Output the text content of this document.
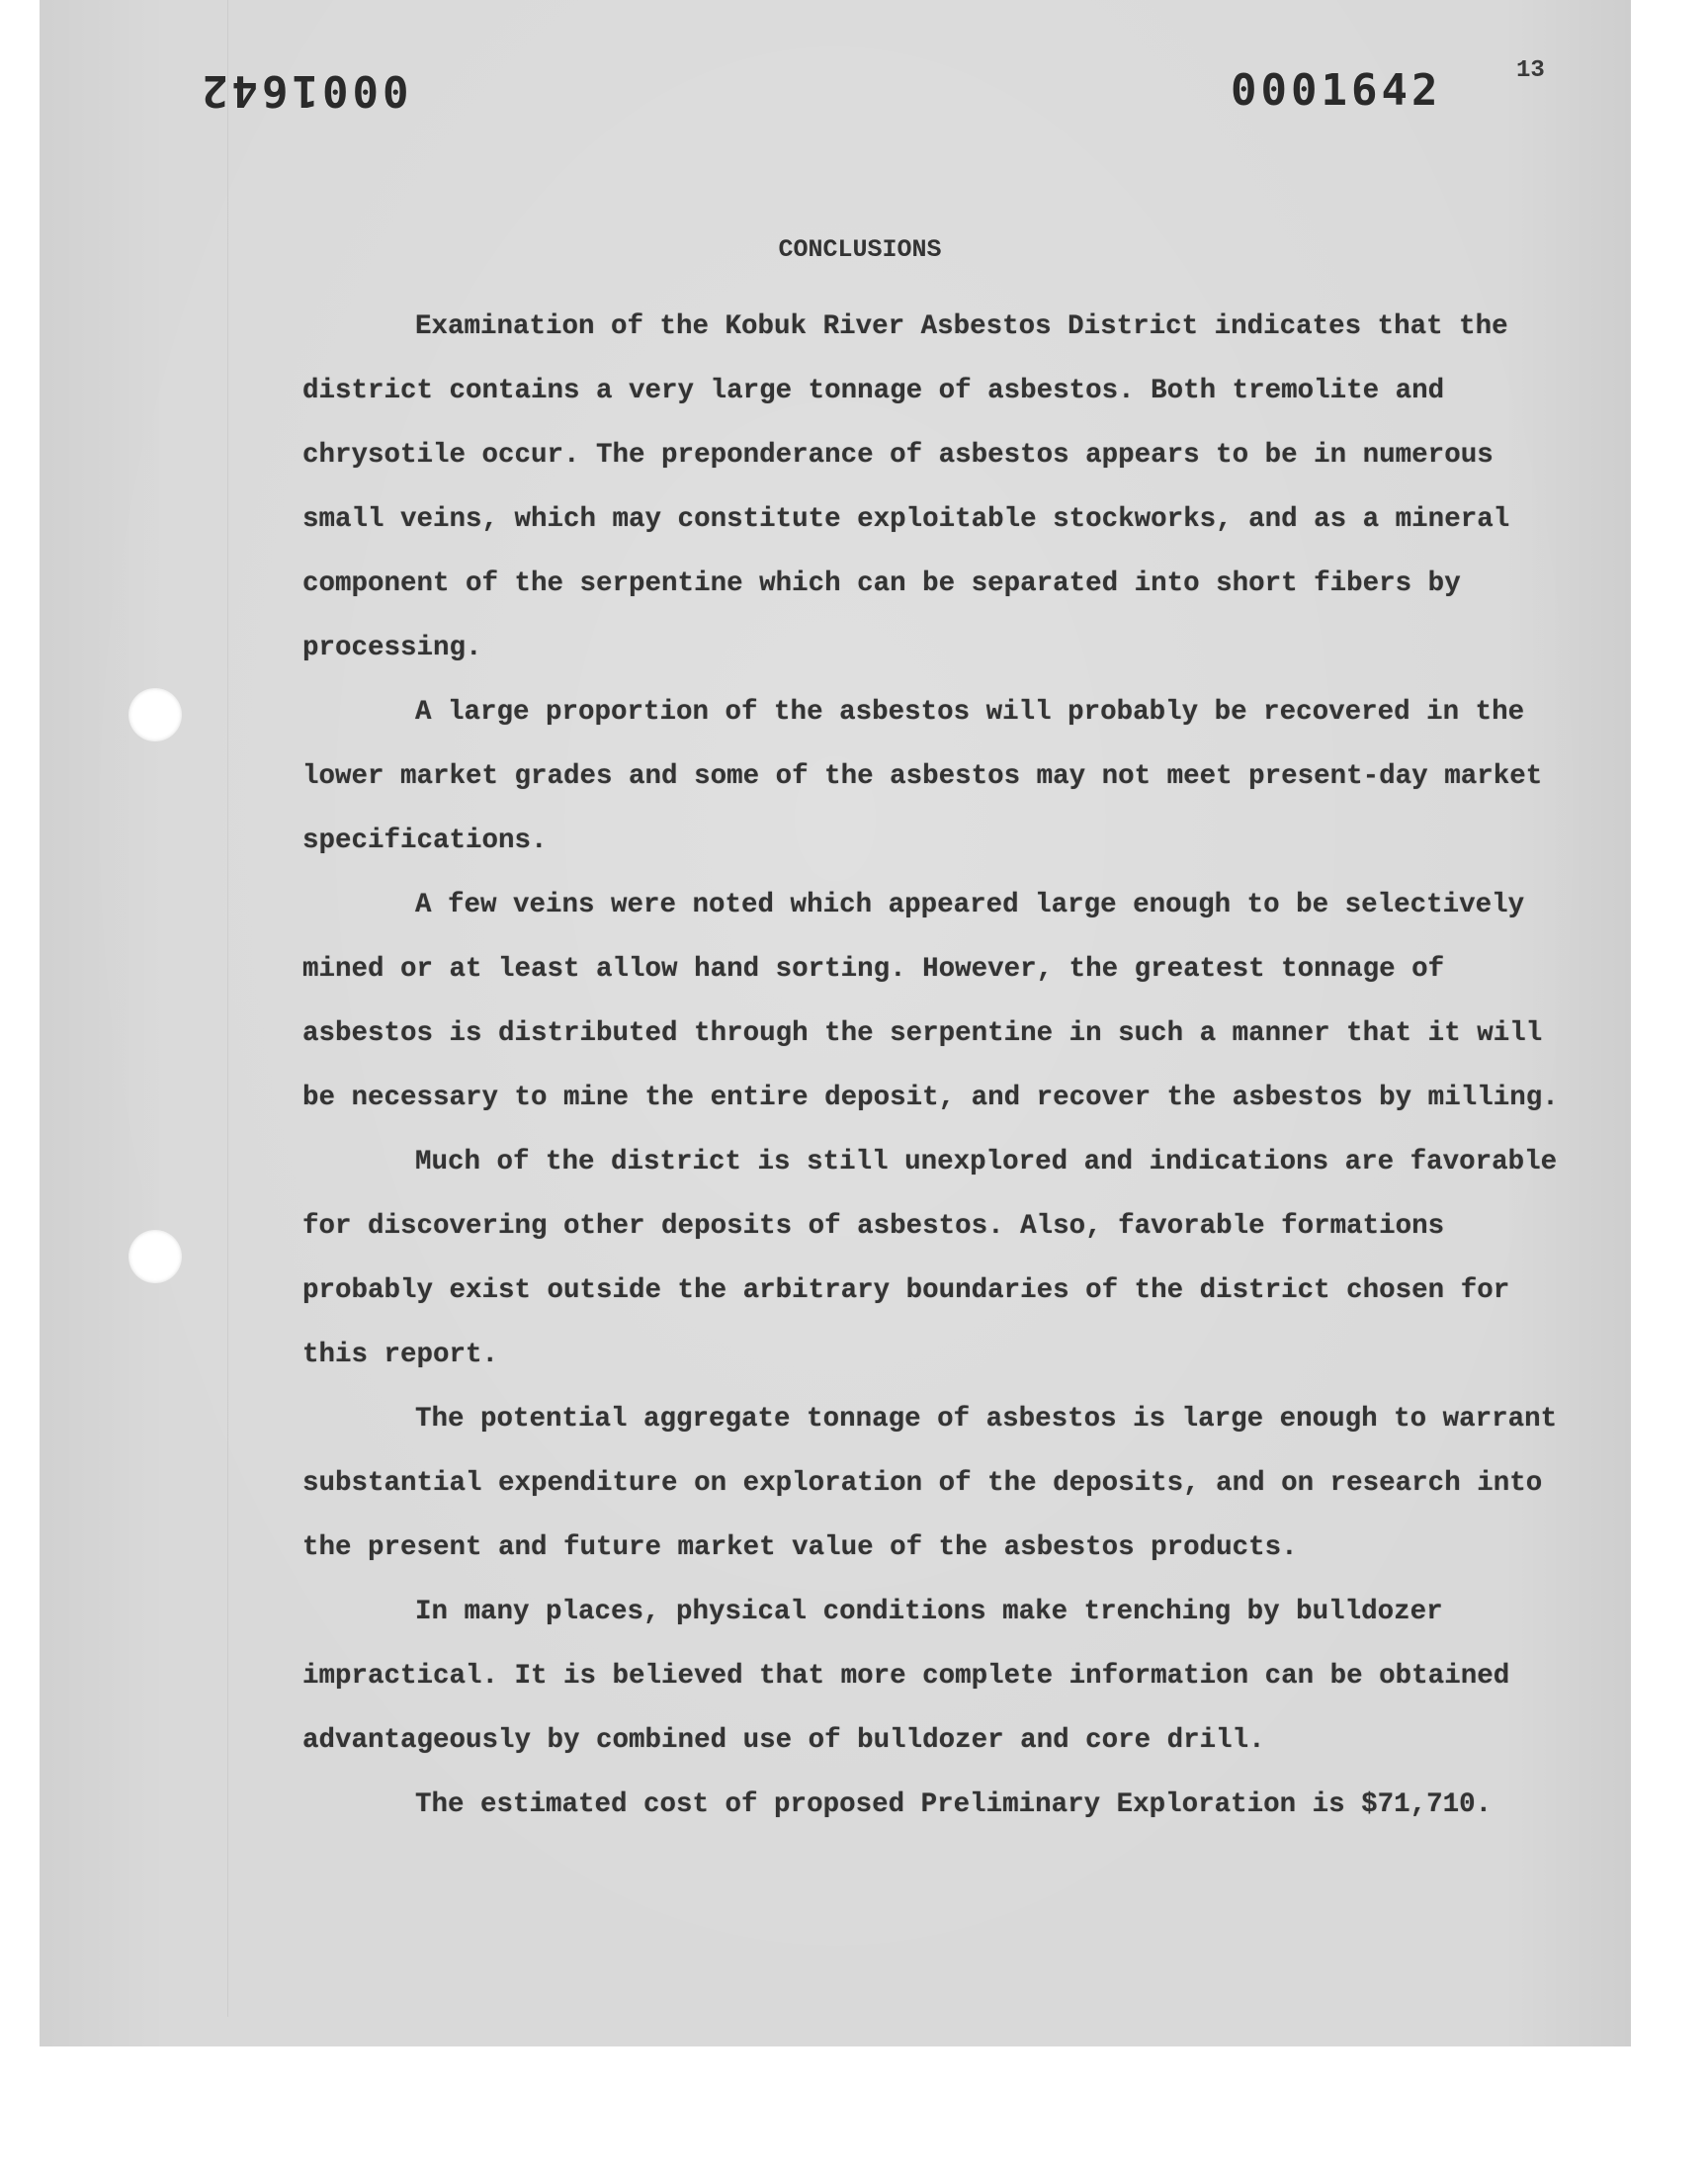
0001642	0001642	13
CONCLUSIONS

Examination of the Kobuk River Asbestos District indicates that the district contains a very large tonnage of asbestos. Both tremolite and chrysotile occur. The preponderance of asbestos appears to be in numerous small veins, which may constitute exploitable stockworks, and as a mineral component of the serpentine which can be separated into short fibers by processing.

A large proportion of the asbestos will probably be recovered in the lower market grades and some of the asbestos may not meet present-day market specifications.

A few veins were noted which appeared large enough to be selectively mined or at least allow hand sorting. However, the greatest tonnage of asbestos is distributed through the serpentine in such a manner that it will be necessary to mine the entire deposit, and recover the asbestos by milling.

Much of the district is still unexplored and indications are favorable for discovering other deposits of asbestos. Also, favorable formations probably exist outside the arbitrary boundaries of the district chosen for this report.

The potential aggregate tonnage of asbestos is large enough to warrant substantial expenditure on exploration of the deposits, and on research into the present and future market value of the asbestos products.

In many places, physical conditions make trenching by bulldozer impractical. It is believed that more complete information can be obtained advantageously by combined use of bulldozer and core drill.

The estimated cost of proposed Preliminary Exploration is $71,710.
